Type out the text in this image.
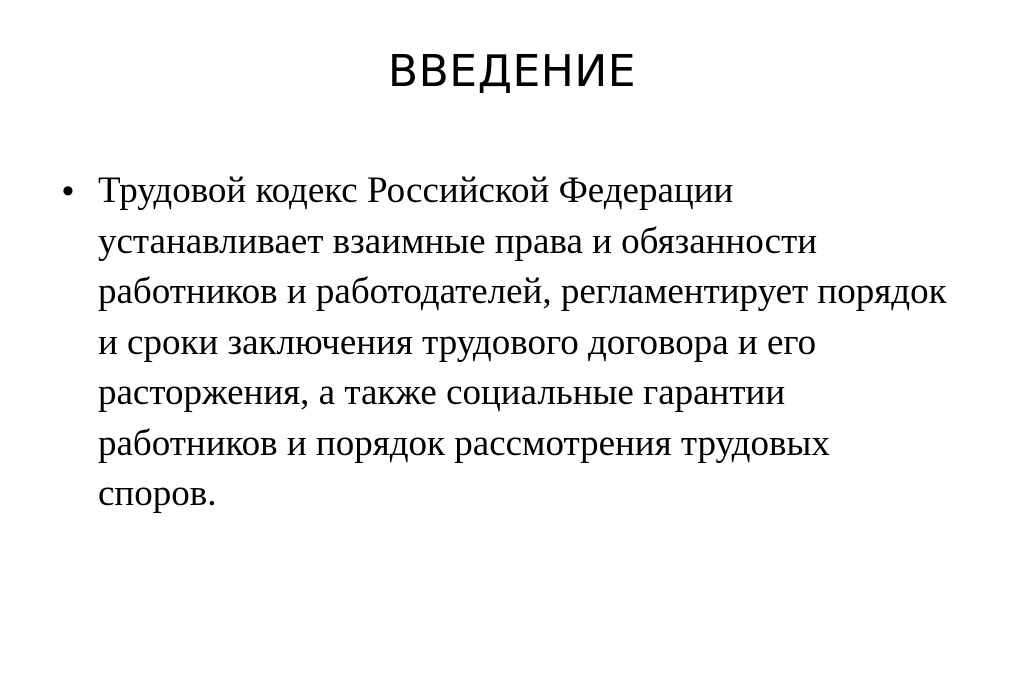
ВВЕДЕНИЕ
• Трудовой кодекс Российской Федерации устанавливает взаимные права и обязанности работников и работодателей, регламентирует порядок и сроки заключения трудового договора и его расторжения, а также социальные гарантии работников и порядок рассмотрения трудовых споров.
